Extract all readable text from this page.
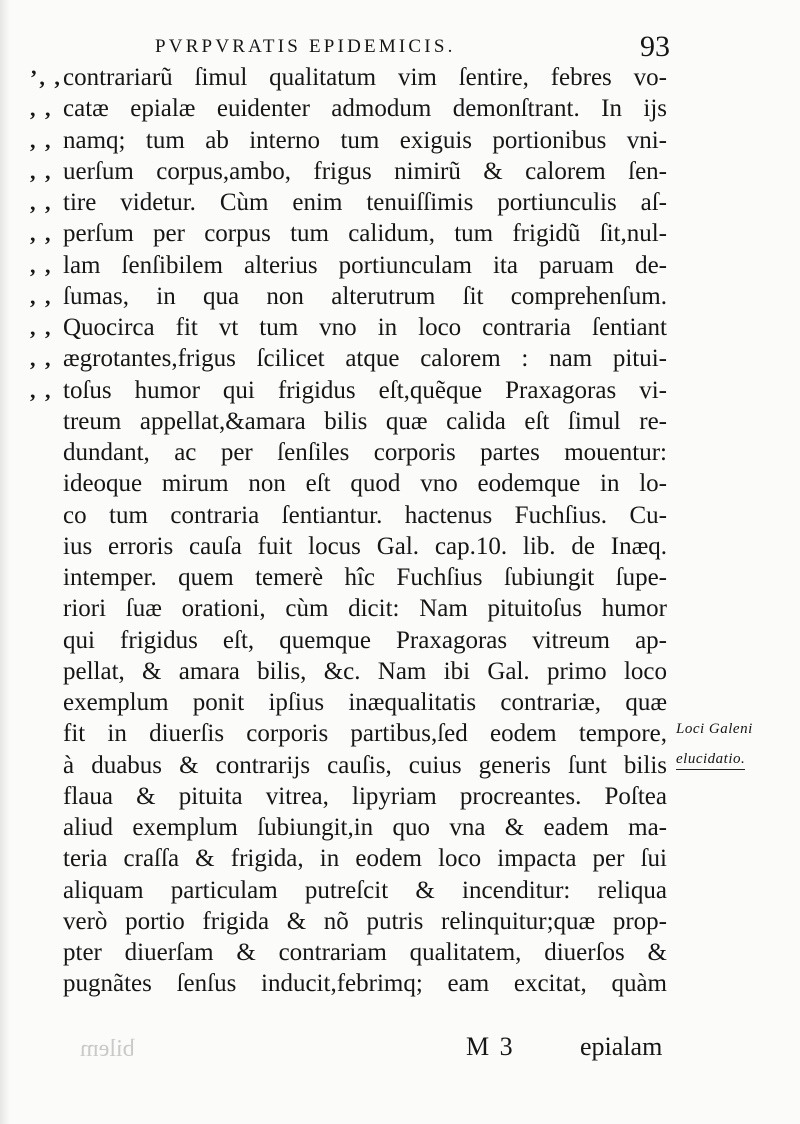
PVRPVRATIS EPIDEMICIS.	93
’, , contrariarũ ſimul qualitatum vim ſentire, febres vo-
, , catæ epialæ euidenter admodum demonſtrant. In ijs
, , namq; tum ab interno tum exiguis portionibus vni-
, , uerſum corpus,ambo, frigus nimirũ & calorem ſen-
, , tire videtur. Cùm enim tenuiſſimis portiunculis aſ-
, , perſum per corpus tum calidum, tum frigidũ ſit,nul-
, , lam ſenſibilem alterius portiunculam ita paruam de-
, , ſumas, in qua non alterutrum ſit comprehenſum.
, , Quocirca fit vt tum vno in loco contraria ſentiant
, , ægrotantes,frigus ſcilicet atque calorem : nam pitui-
, , toſus humor qui frigidus eſt,quẽque Praxagoras vi-
treum appellat,&amara bilis quæ calida eſt ſimul re-
dundant, ac per ſenſiles corporis partes mouentur:
ideoque mirum non eſt quod vno eodemque in lo-
co tum contraria ſentiantur. hactenus Fuchſius. Cu-
ius erroris cauſa fuit locus Gal. cap.10. lib. de Inæq.
intemper. quem temerè hîc Fuchſius ſubiungit ſupe-
riori ſuæ orationi, cùm dicit: Nam pituitoſus humor
qui frigidus eſt, quemque Praxagoras vitreum ap-
pellat, & amara bilis, &c. Nam ibi Gal. primo loco
exemplum ponit ipſius inæqualitatis contrariæ, quæ
fit in diuerſis corporis partibus,ſed eodem tempore,
à duabus & contrarijs cauſis, cuius generis ſunt bilis
flaua & pituita vitrea, lipyriam procreantes. Poſtea
aliud exemplum ſubiungit,in quo vna & eadem ma-
teria craſſa & frigida, in eodem loco impacta per ſui
aliquam particulam putreſcit & incenditur: reliqua
verò portio frigida & nõ putris relinquitur;quæ prop-
pter diuerſam & contrariam qualitatem, diuerſos &
pugnãtes ſenſus inducit,febrimq; eam excitat, quàm
Loci Galeni
elucidatio.
bilem	M 3	epialam
